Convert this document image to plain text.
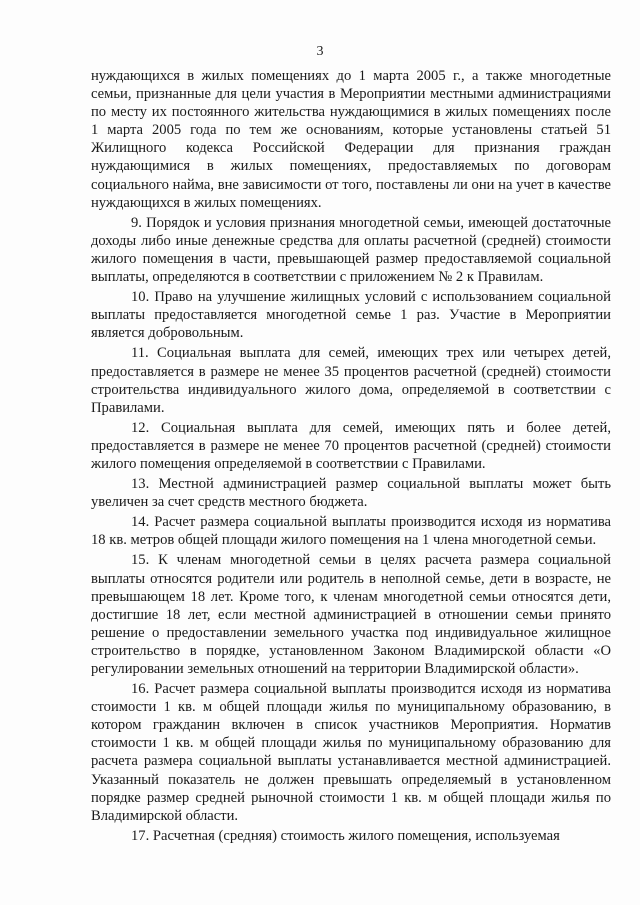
3

нуждающихся в жилых помещениях до 1 марта 2005 г., а также многодетные семьи, признанные для цели участия в Мероприятии местными администрациями по месту их постоянного жительства нуждающимися в жилых помещениях после 1 марта 2005 года по тем же основаниям, которые установлены статьей 51 Жилищного кодекса Российской Федерации для признания граждан нуждающимися в жилых помещениях, предоставляемых по договорам социального найма, вне зависимости от того, поставлены ли они на учет в качестве нуждающихся в жилых помещениях.

9. Порядок и условия признания многодетной семьи, имеющей достаточные доходы либо иные денежные средства для оплаты расчетной (средней) стоимости жилого помещения в части, превышающей размер предоставляемой социальной выплаты, определяются в соответствии с приложением № 2 к Правилам.

10. Право на улучшение жилищных условий с использованием социальной выплаты предоставляется многодетной семье 1 раз. Участие в Мероприятии является добровольным.

11. Социальная выплата для семей, имеющих трех или четырех детей, предоставляется в размере не менее 35 процентов расчетной (средней) стоимости строительства индивидуального жилого дома, определяемой в соответствии с Правилами.

12. Социальная выплата для семей, имеющих пять и более детей, предоставляется в размере не менее 70 процентов расчетной (средней) стоимости жилого помещения определяемой в соответствии с Правилами.

13. Местной администрацией размер социальной выплаты может быть увеличен за счет средств местного бюджета.

14. Расчет размера социальной выплаты производится исходя из норматива 18 кв. метров общей площади жилого помещения на 1 члена многодетной семьи.

15. К членам многодетной семьи в целях расчета размера социальной выплаты относятся родители или родитель в неполной семье, дети в возрасте, не превышающем 18 лет. Кроме того, к членам многодетной семьи относятся дети, достигшие 18 лет, если местной администрацией в отношении семьи принято решение о предоставлении земельного участка под индивидуальное жилищное строительство в порядке, установленном Законом Владимирской области «О регулировании земельных отношений на территории Владимирской области».

16. Расчет размера социальной выплаты производится исходя из норматива стоимости 1 кв. м общей площади жилья по муниципальному образованию, в котором гражданин включен в список участников Мероприятия. Норматив стоимости 1 кв. м общей площади жилья по муниципальному образованию для расчета размера социальной выплаты устанавливается местной администрацией. Указанный показатель не должен превышать определяемый в установленном порядке размер средней рыночной стоимости 1 кв. м общей площади жилья по Владимирской области.

17. Расчетная (средняя) стоимость жилого помещения, используемая
